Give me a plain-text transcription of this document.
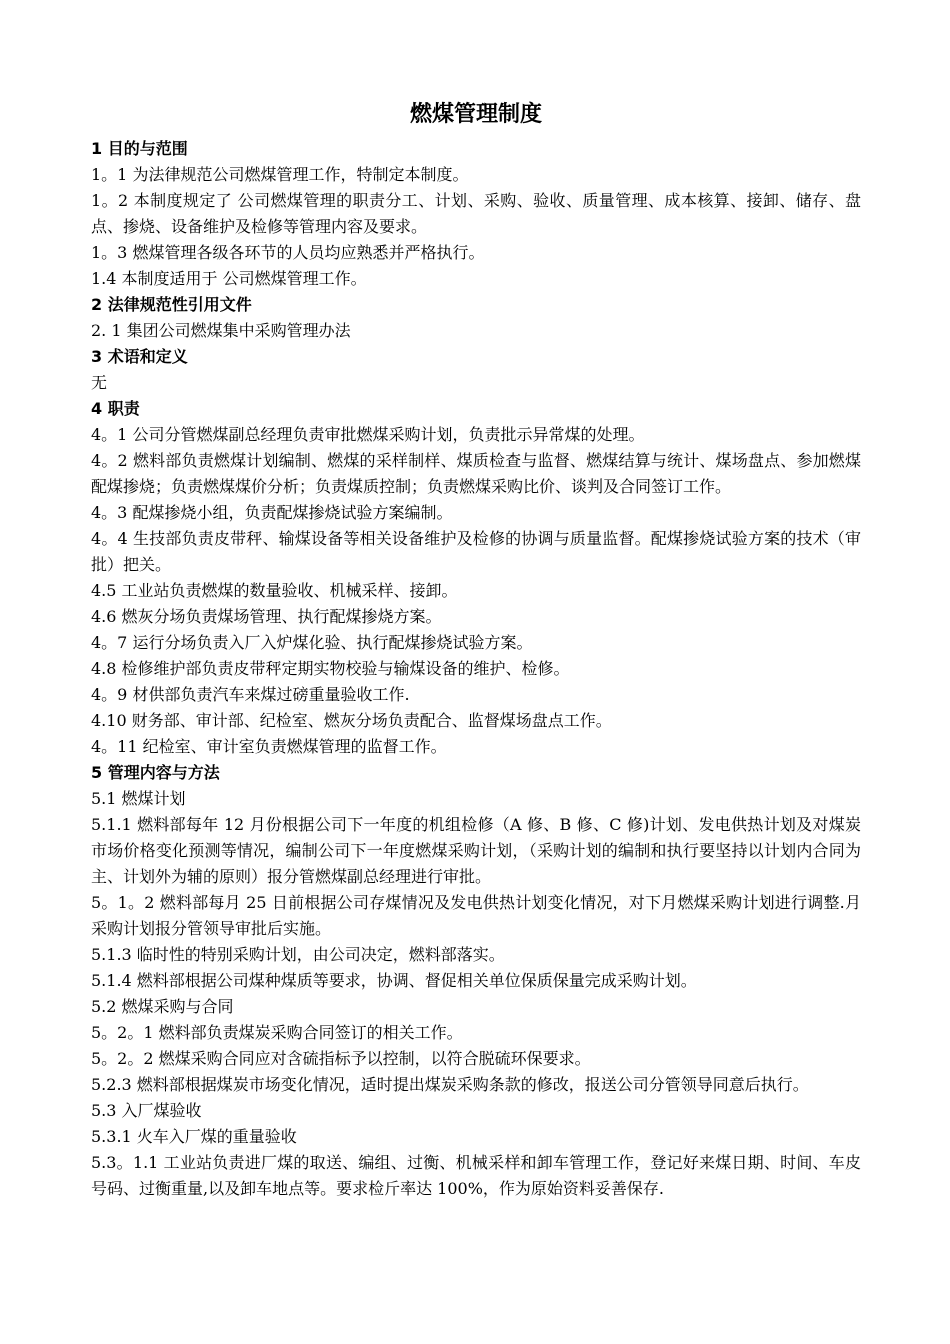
燃煤管理制度

1 目的与范围

1。1 为法律规范公司燃煤管理工作，特制定本制度。

1。2 本制度规定了 公司燃煤管理的职责分工、计划、采购、验收、质量管理、成本核算、接卸、储存、盘点、掺烧、设备维护及检修等管理内容及要求。

1。3 燃煤管理各级各环节的人员均应熟悉并严格执行。

1.4 本制度适用于 公司燃煤管理工作。

2 法律规范性引用文件

2. 1 集团公司燃煤集中采购管理办法

3 术语和定义

无

4 职责

4。1 公司分管燃煤副总经理负责审批燃煤采购计划，负责批示异常煤的处理。

4。2 燃料部负责燃煤计划编制、燃煤的采样制样、煤质检查与监督、燃煤结算与统计、煤场盘点、参加燃煤配煤掺烧；负责燃煤煤价分析；负责煤质控制；负责燃煤采购比价、谈判及合同签订工作。

4。3 配煤掺烧小组，负责配煤掺烧试验方案编制。

4。4 生技部负责皮带秤、输煤设备等相关设备维护及检修的协调与质量监督。配煤掺烧试验方案的技术（审批）把关。

4.5 工业站负责燃煤的数量验收、机械采样、接卸。

4.6 燃灰分场负责煤场管理、执行配煤掺烧方案。

4。7 运行分场负责入厂入炉煤化验、执行配煤掺烧试验方案。

4.8 检修维护部负责皮带秤定期实物校验与输煤设备的维护、检修。

4。9 材供部负责汽车来煤过磅重量验收工作.

4.10 财务部、审计部、纪检室、燃灰分场负责配合、监督煤场盘点工作。

4。11 纪检室、审计室负责燃煤管理的监督工作。

5 管理内容与方法

5.1 燃煤计划

5.1.1 燃料部每年 12 月份根据公司下一年度的机组检修（A 修、B 修、C 修)计划、发电供热计划及对煤炭市场价格变化预测等情况，编制公司下一年度燃煤采购计划，（采购计划的编制和执行要坚持以计划内合同为主、计划外为辅的原则）报分管燃煤副总经理进行审批。

5。1。2 燃料部每月 25 日前根据公司存煤情况及发电供热计划变化情况，对下月燃煤采购计划进行调整.月采购计划报分管领导审批后实施。

5.1.3 临时性的特别采购计划，由公司决定，燃料部落实。

5.1.4 燃料部根据公司煤种煤质等要求，协调、督促相关单位保质保量完成采购计划。

5.2 燃煤采购与合同

5。2。1 燃料部负责煤炭采购合同签订的相关工作。

5。2。2 燃煤采购合同应对含硫指标予以控制，以符合脱硫环保要求。

5.2.3 燃料部根据煤炭市场变化情况，适时提出煤炭采购条款的修改，报送公司分管领导同意后执行。

5.3 入厂煤验收

5.3.1 火车入厂煤的重量验收

5.3。1.1 工业站负责进厂煤的取送、编组、过衡、机械采样和卸车管理工作，登记好来煤日期、时间、车皮号码、过衡重量,以及卸车地点等。要求检斤率达 100%，作为原始资料妥善保存.
